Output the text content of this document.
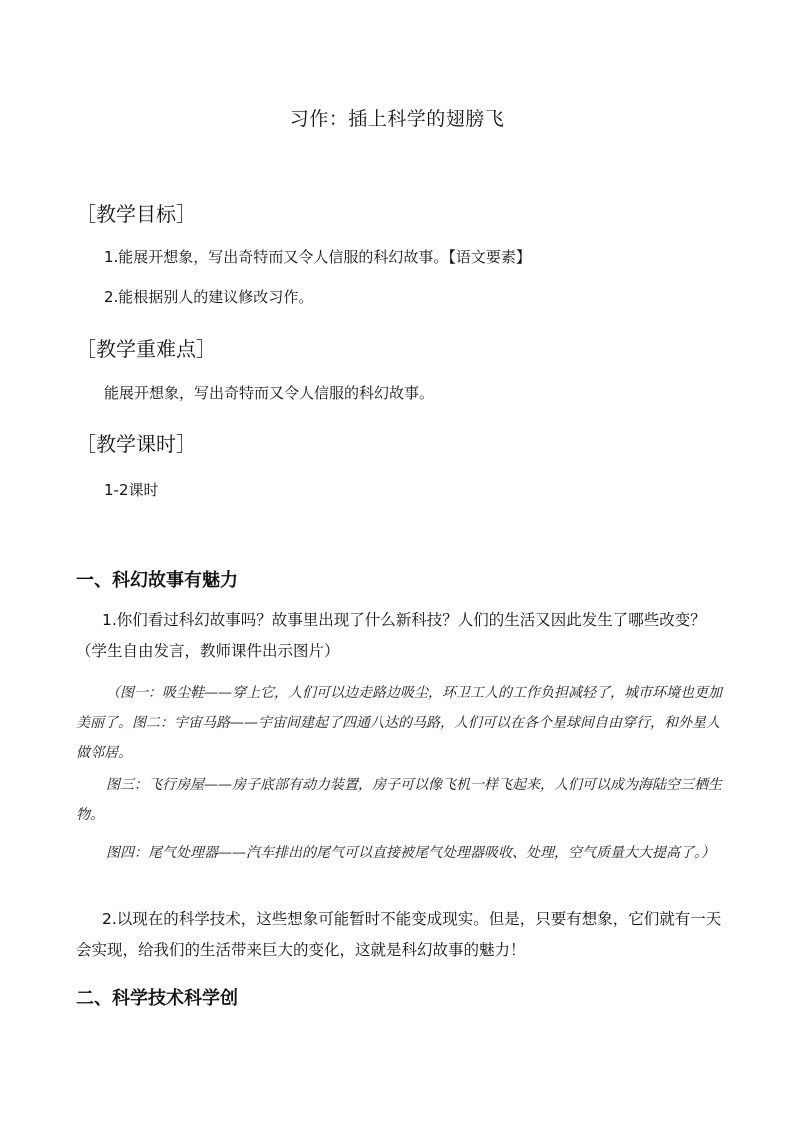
习作：插上科学的翅膀飞
［教学目标］
1.能展开想象，写出奇特而又令人信服的科幻故事。【语文要素】
2.能根据别人的建议修改习作。
［教学重难点］
能展开想象，写出奇特而又令人信服的科幻故事。
［教学课时］
1-2课时
一、科幻故事有魅力
1.你们看过科幻故事吗？故事里出现了什么新科技？人们的生活又因此发生了哪些改变？（学生自由发言，教师课件出示图片）
（图一：吸尘鞋——穿上它，人们可以边走路边吸尘，环卫工人的工作负担减轻了，城市环境也更加美丽了。图二：宇宙马路——宇宙间建起了四通八达的马路，人们可以在各个星球间自由穿行，和外星人做邻居。
图三：飞行房屋——房子底部有动力装置，房子可以像飞机一样飞起来，人们可以成为海陆空三栖生物。
图四：尾气处理器——汽车排出的尾气可以直接被尾气处理器吸收、处理，空气质量大大提高了。）
2.以现在的科学技术，这些想象可能暂时不能变成现实。但是，只要有想象，它们就有一天会实现，给我们的生活带来巨大的变化，这就是科幻故事的魅力！
二、科学技术科学创
